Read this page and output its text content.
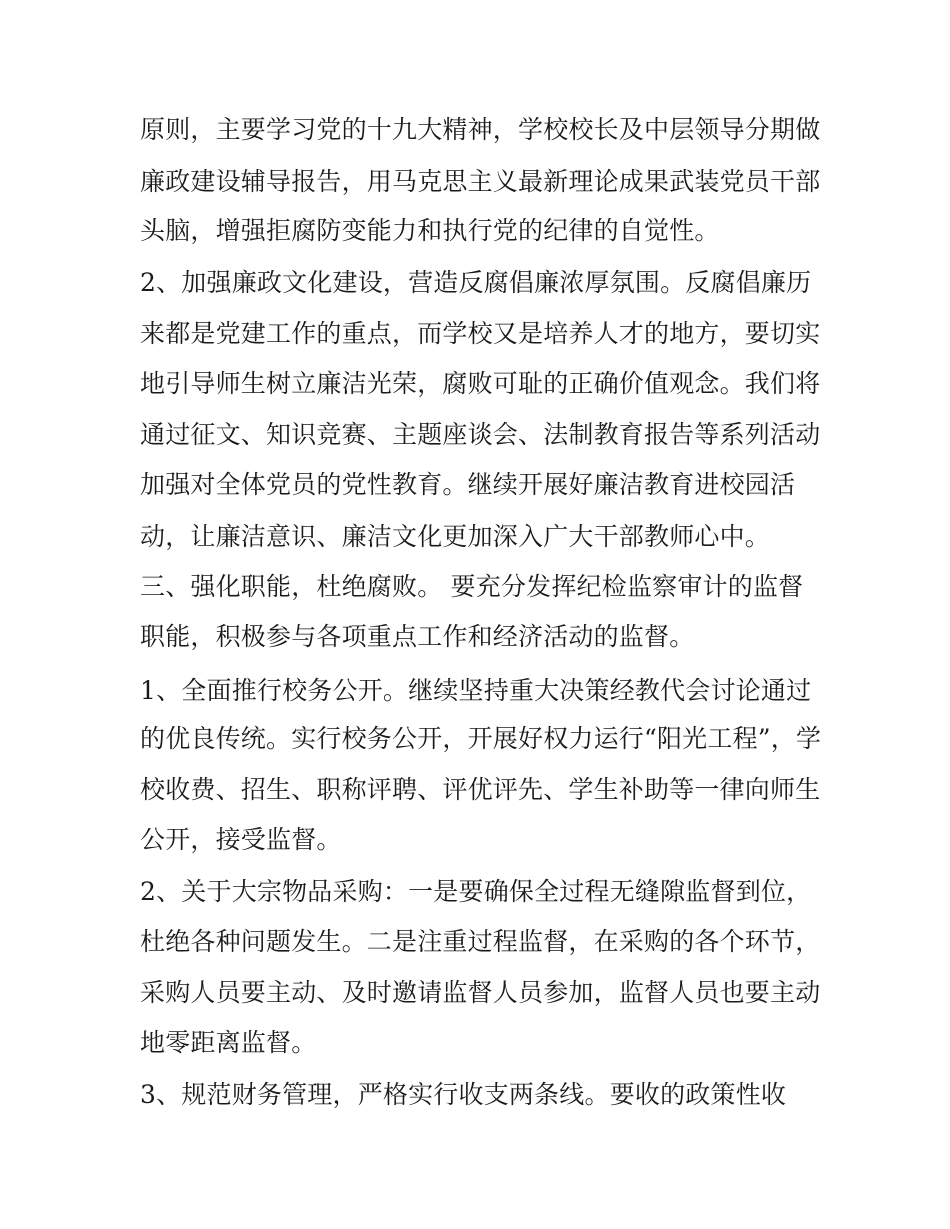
原则，主要学习党的十九大精神，学校校长及中层领导分期做
廉政建设辅导报告，用马克思主义最新理论成果武装党员干部
头脑，增强拒腐防变能力和执行党的纪律的自觉性。
2、加强廉政文化建设，营造反腐倡廉浓厚氛围。反腐倡廉历
来都是党建工作的重点，而学校又是培养人才的地方，要切实
地引导师生树立廉洁光荣，腐败可耻的正确价值观念。我们将
通过征文、知识竞赛、主题座谈会、法制教育报告等系列活动
加强对全体党员的党性教育。继续开展好廉洁教育进校园活
动，让廉洁意识、廉洁文化更加深入广大干部教师心中。
三、强化职能，杜绝腐败。 要充分发挥纪检监察审计的监督
职能，积极参与各项重点工作和经济活动的监督。
1、全面推行校务公开。继续坚持重大决策经教代会讨论通过
的优良传统。实行校务公开，开展好权力运行“阳光工程”，学
校收费、招生、职称评聘、评优评先、学生补助等一律向师生
公开，接受监督。
2、关于大宗物品采购：一是要确保全过程无缝隙监督到位，
杜绝各种问题发生。二是注重过程监督，在采购的各个环节，
采购人员要主动、及时邀请监督人员参加，监督人员也要主动
地零距离监督。
3、规范财务管理，严格实行收支两条线。要收的政策性收
